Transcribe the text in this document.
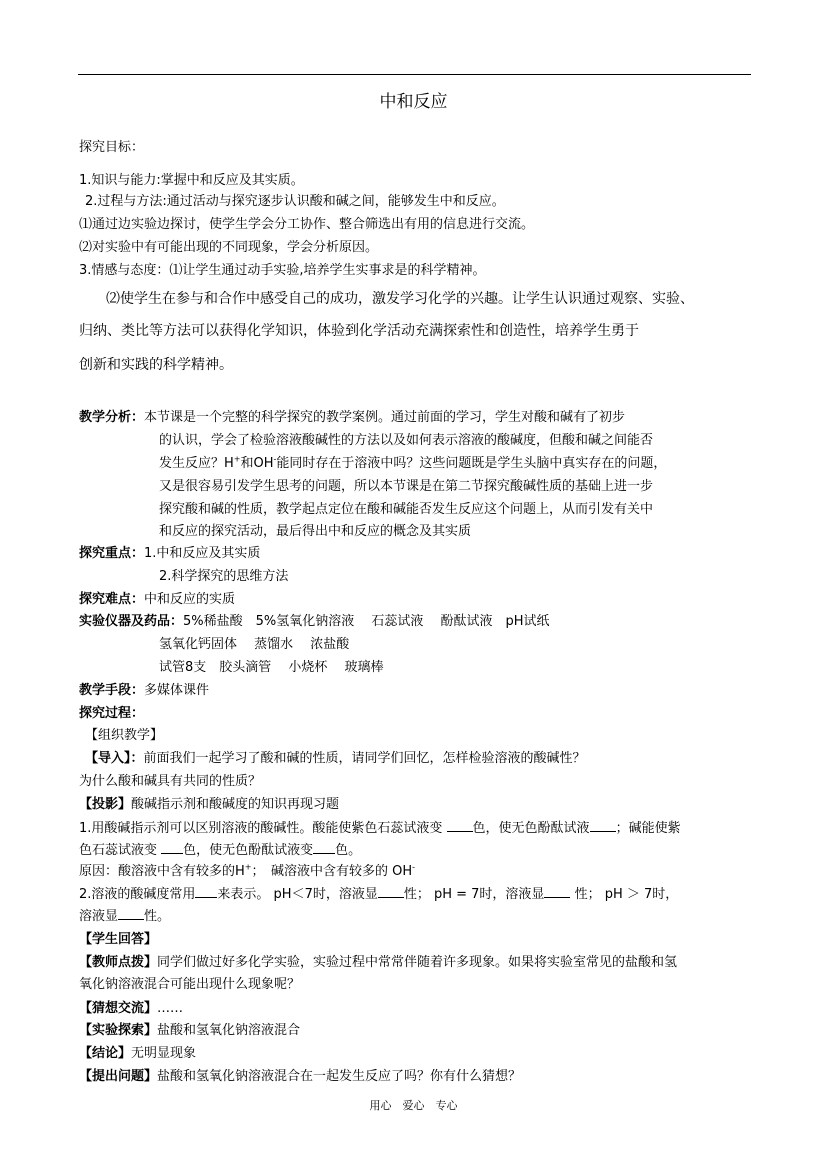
中和反应
探究目标：
1.知识与能力:掌握中和反应及其实质。
2.过程与方法:通过活动与探究逐步认识酸和碱之间，能够发生中和反应。
⑴通过边实验边探讨，使学生学会分工协作、整合筛选出有用的信息进行交流。
⑵对实验中有可能出现的不同现象，学会分析原因。
3.情感与态度：⑴让学生通过动手实验,培养学生实事求是的科学精神。
⑵使学生在参与和合作中感受自己的成功，激发学习化学的兴趣。让学生认识通过观察、实验、
归纳、类比等方法可以获得化学知识，体验到化学活动充满探索性和创造性，培养学生勇于
创新和实践的科学精神。
教学分析：本节课是一个完整的科学探究的教学案例。通过前面的学习，学生对酸和碱有了初步
的认识，学会了检验溶液酸碱性的方法以及如何表示溶液的酸碱度，但酸和碱之间能否
发生反应？H+和OH-能同时存在于溶液中吗？这些问题既是学生头脑中真实存在的问题，
又是很容易引发学生思考的问题，所以本节课是在第二节探究酸碱性质的基础上进一步
探究酸和碱的性质，教学起点定位在酸和碱能否发生反应这个问题上，从而引发有关中
和反应的探究活动，最后得出中和反应的概念及其实质
探究重点：1.中和反应及其实质
2.科学探究的思维方法
探究难点：中和反应的实质
实验仪器及药品：5%稀盐酸　5%氢氧化钠溶液　 石蕊试液　 酚酞试液　pH试纸
氢氧化钙固体　 蒸馏水　 浓盐酸
试管8支　胶头滴管　 小烧杯　 玻璃棒
教学手段：多媒体课件
探究过程：
【组织教学】
【导入】：前面我们一起学习了酸和碱的性质，请同学们回忆，怎样检验溶液的酸碱性？
为什么酸和碱具有共同的性质？
【投影】酸碱指示剂和酸碱度的知识再现习题
1.用酸碱指示剂可以区别溶液的酸碱性。酸能使紫色石蕊试液变 色，使无色酚酞试液 ；碱能使紫
色石蕊试液变 色，使无色酚酞试液变 色。
原因：酸溶液中含有较多的H+；　碱溶液中含有较多的 OH-
2.溶液的酸碱度常用 来表示。 pH＜7时，溶液显 性； pH = 7时，溶液显 性； pH ＞ 7时，
溶液显 性。
【学生回答】
【教师点拨】同学们做过好多化学实验，实验过程中常常伴随着许多现象。如果将实验室常见的盐酸和氢
氧化钠溶液混合可能出现什么现象呢？
【猜想交流】……
【实验探索】盐酸和氢氧化钠溶液混合
【结论】无明显现象
【提出问题】盐酸和氢氧化钠溶液混合在一起发生反应了吗？你有什么猜想？
用心　爱心　专心
